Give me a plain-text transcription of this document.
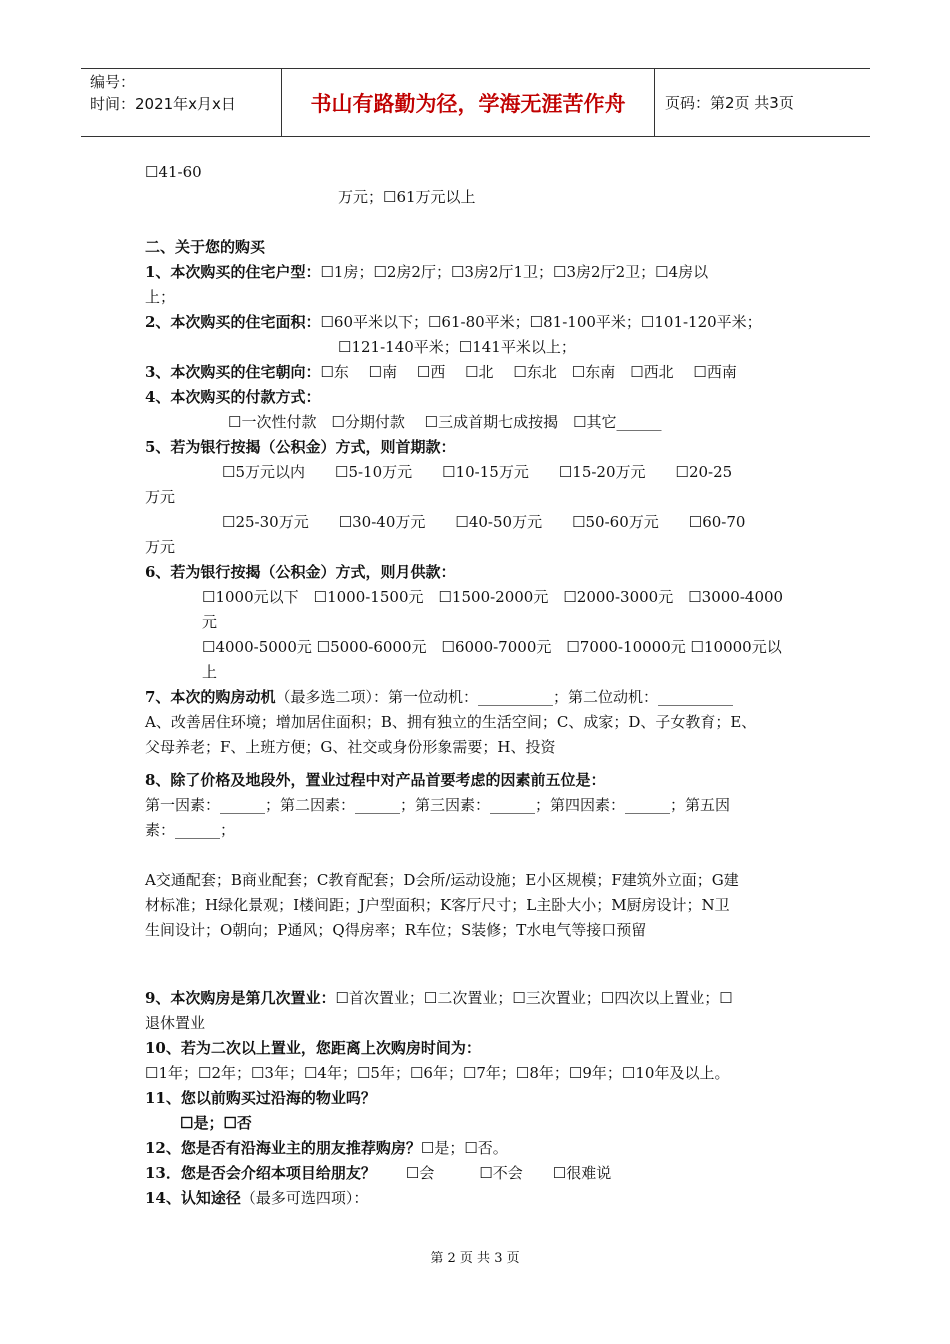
编号：
时间：2021年x月x日	书山有路勤为径，学海无涯苦作舟	页码：第2页 共3页
☐41-60
万元；☐61万元以上
二、关于您的购买
1、本次购买的住宅户型：☐1房；☐2房2厅；☐3房2厅1卫；☐3房2厅2卫；☐4房以
上；
2、本次购买的住宅面积：☐60平米以下；☐61-80平米；☐81-100平米；☐101-120平米；
☐121-140平米；☐141平米以上；
3、本次购买的住宅朝向：☐东　 ☐南　 ☐西　 ☐北　 ☐东北　☐东南　☐西北　 ☐西南
4、本次购买的付款方式：
☐一次性付款　☐分期付款　 ☐三成首期七成按揭　☐其它______
5、若为银行按揭（公积金）方式，则首期款：
☐5万元以内　　☐5-10万元　　☐10-15万元　　☐15-20万元　　☐20-25
万元
☐25-30万元　　☐30-40万元　　☐40-50万元　　☐50-60万元　　☐60-70
万元
6、若为银行按揭（公积金）方式，则月供款：
☐1000元以下　☐1000-1500元　☐1500-2000元　☐2000-3000元　☐3000-4000
元
☐4000-5000元 ☐5000-6000元　☐6000-7000元　☐7000-10000元 ☐10000元以
上
7、本次的购房动机（最多选二项）：第一位动机：__________；第二位动机：__________
A、改善居住环境；增加居住面积；B、拥有独立的生活空间；C、成家；D、子女教育；E、
父母养老；F、上班方便；G、社交或身份形象需要；H、投资
8、除了价格及地段外，置业过程中对产品首要考虑的因素前五位是：
第一因素：______；第二因素：______；第三因素：______；第四因素：______；第五因
素：______；
A交通配套；B商业配套；C教育配套；D会所/运动设施；E小区规模；F建筑外立面；G建
材标准；H绿化景观；I楼间距；J户型面积；K客厅尺寸；L主卧大小；M厨房设计；N卫
生间设计；O朝向；P通风；Q得房率；R车位；S装修；T水电气等接口预留
9、本次购房是第几次置业：☐首次置业；☐二次置业；☐三次置业；☐四次以上置业；☐
退休置业
10、若为二次以上置业，您距离上次购房时间为：
☐1年；☐2年；☐3年；☐4年；☐5年；☐6年；☐7年；☐8年；☐9年；☐10年及以上。
11、您以前购买过沿海的物业吗？
☐是；☐否
12、您是否有沿海业主的朋友推荐购房？☐是；☐否。
13．您是否会介绍本项目给朋友？　　☐会　　　☐不会　　☐很难说
14、认知途径（最多可选四项）：
第 2 页 共 3 页
